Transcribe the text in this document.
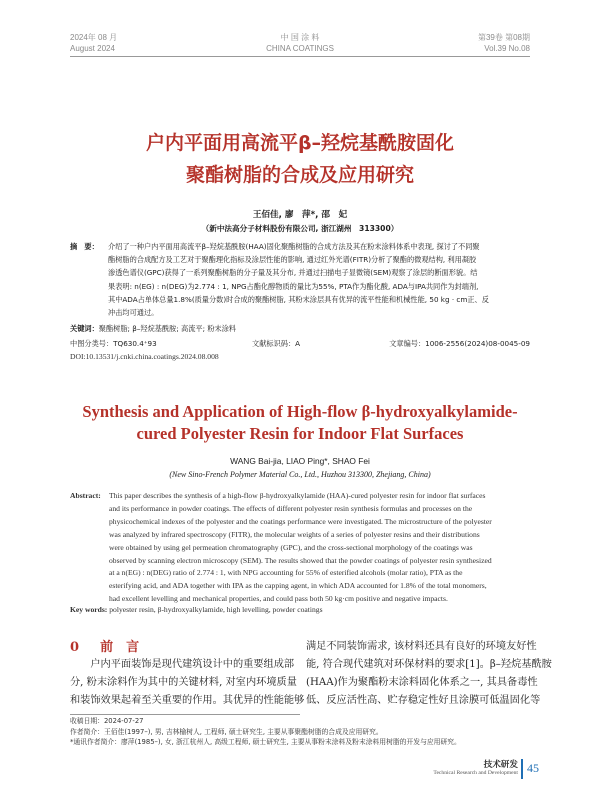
2024年 08 月
August 2024
中 国 涂 料
CHINA COATINGS
第39卷 第08期
Vol.39 No.08
户内平面用高流平β–羟烷基酰胺固化
聚酯树脂的合成及应用研究
王佰佳, 廖　萍*, 邵　妃
（新中法高分子材料股份有限公司, 浙江湖州　313300）
摘　要： 介绍了一种户内平面用高流平β–羟烷基酰胺(HAA)固化聚酯树脂的合成方法及其在粉末涂料体系中表现, 探讨了不同聚
酯树脂的合成配方及工艺对于聚酯理化指标及涂层性能的影响, 通过红外光谱(FITR)分析了聚酯的微观结构, 利用凝胶
渗透色谱仪(GPC)获得了一系列聚酯树脂的分子量及其分布, 并通过扫描电子显微镜(SEM)观察了涂层的断面形貌。结
果表明: n(EG) : n(DEG)为2.774 : 1, NPG占酯化醇物质的量比为55%, PTA作为酯化酸, ADA与IPA共同作为封端剂,
其中ADA占单体总量1.8%(质量分数)时合成的聚酯树脂, 其粉末涂层具有优异的流平性能和机械性能, 50 kg · cm正、反
冲击均可通过。
关键词：聚酯树脂; β–羟烷基酰胺; 高流平; 粉末涂料
中图分类号：TQ630.4⁺93	文献标识码：A	文章编号：1006-2556(2024)08-0045-09
DOI:10.13531/j.cnki.china.coatings.2024.08.008
Synthesis and Application of High-flow β-hydroxyalkylamide-
cured Polyester Resin for Indoor Flat Surfaces
WANG Bai-jia, LIAO Ping*, SHAO Fei
(New Sino-French Polymer Material Co., Ltd., Huzhou 313300, Zhejiang, China)
Abstract: This paper describes the synthesis of a high-flow β-hydroxyalkylamide (HAA)-cured polyester resin for indoor flat surfaces
and its performance in powder coatings. The effects of different polyester resin synthesis formulas and processes on the
physicochemical indexes of the polyester and the coatings performance were investigated. The microstructure of the polyester
was analyzed by infrared spectroscopy (FITR), the molecular weights of a series of polyester resins and their distributions
were obtained by using gel permeation chromatography (GPC), and the cross-sectional morphology of the coatings was
observed by scanning electron microscopy (SEM). The results showed that the powder coatings of polyester resin synthesized
at a n(EG) : n(DEG) ratio of 2.774 : 1, with NPG accounting for 55% of esterified alcohols (molar ratio), PTA as the
esterifying acid, and ADA together with IPA as the capping agent, in which ADA accounted for 1.8% of the total monomers,
had excellent levelling and mechanical properties, and could pass both 50 kg·cm positive and negative impacts.
Key words: polyester resin, β-hydroxyalkylamide, high levelling, powder coatings
0 前　言
　　户内平面装饰是现代建筑设计中的重要组成部
分, 粉末涂料作为其中的关键材料, 对室内环境质量
和装饰效果起着至关重要的作用。其优异的性能能够
满足不同装饰需求, 该材料还具有良好的环境友好性
能, 符合现代建筑对环保材料的要求[1]。β–羟烷基酰胺
(HAA)作为聚酯粉末涂料固化体系之一, 其具备毒性
低、反应活性高、贮存稳定性好且涂膜可低温固化等
收稿日期：2024-07-27
作者简介：王佰佳(1997–), 男, 吉林榆树人, 工程师, 硕士研究生, 主要从事聚酯树脂的合成及应用研究。
*通讯作者简介：廖萍(1985–), 女, 浙江杭州人, 高级工程师, 硕士研究生, 主要从事粉末涂料及粉末涂料用树脂的开发与应用研究。
技术研发
Technical Research and Development 45
